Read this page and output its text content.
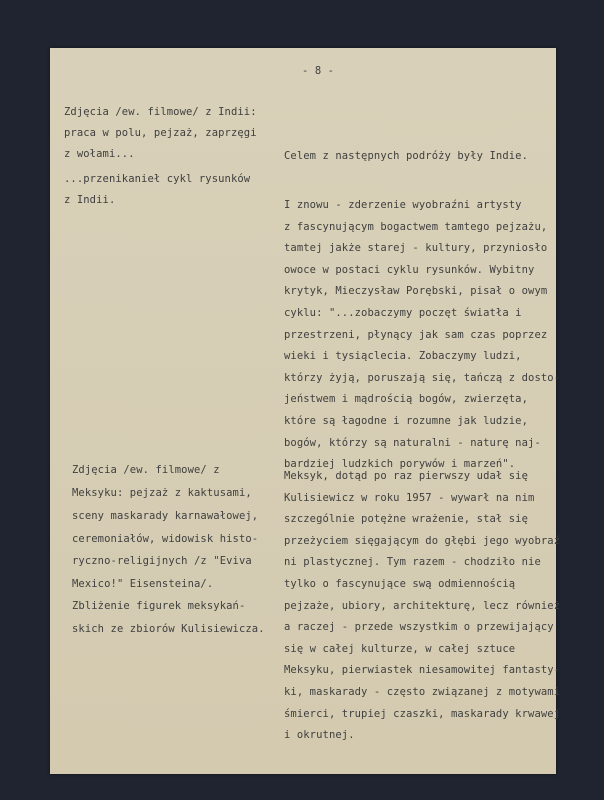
- 8 -
Zdjęcia /ew. filmowe/ z Indii:
praca w polu, pejzaż, zaprzęgi
z wołami...
...przenikanieł cykl rysunków
z Indii.
Zdjęcia /ew. filmowe/ z
Meksyku: pejzaż z kaktusami,
sceny maskarady karnawałowej,
ceremoniałów, widowisk histo-
ryczno-religijnych /z "Eviva
Mexico!" Eisensteina/.
Zbliżenie figurek meksykań-
skich ze zbiorów Kulisiewicza.
Celem z następnych podróży były Indie.
I znowu - zderzenie wyobraźni artysty
z fascynującym bogactwem tamtego pejzażu,
tamtej jakże starej - kultury, przyniosło
owoce w postaci cyklu rysunków. Wybitny
krytyk, Mieczysław Porębski, pisał o owym
cyklu: "...zobaczymy poczęt światła i
przestrzeni, płynący jak sam czas poprzez
wieki i tysiąclecia. Zobaczymy ludzi,
którzy żyją, poruszają się, tańczą z dosto-
jeństwem i mądrością bogów, zwierzęta,
które są łagodne i rozumne jak ludzie,
bogów, którzy są naturalni - naturę naj-
bardziej ludzkich porywów i marzeń".
Meksyk, dotąd po raz pierwszy udał się
Kulisiewicz w roku 1957 - wywarł na nim
szczególnie potężne wrażenie, stał się
przeżyciem sięgającym do głębi jego wyobraź
ni plastycznej. Tym razem - chodziło nie
tylko o fascynujące swą odmiennością
pejzaże, ubiory, architekturę, lecz również
a raczej - przede wszystkim o przewijający
się w całej kulturze, w całej sztuce
Meksyku, pierwiastek niesamowitej fantasty-
ki, maskarady - często związanej z motywami
śmierci, trupiej czaszki, maskarady krwawej
i okrutnej.
